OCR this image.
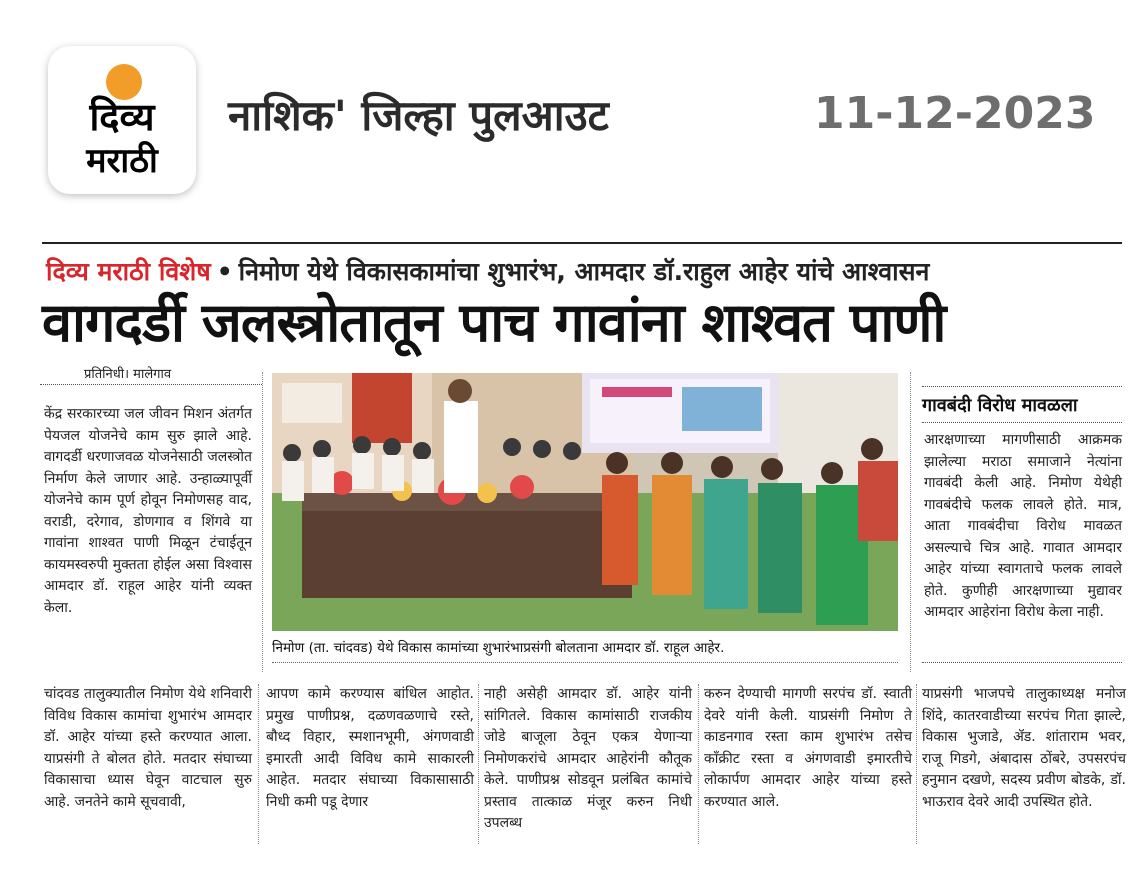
दिव्य
मराठी
नाशिक' जिल्हा पुलआउट	11-12-2023
दिव्य मराठी विशेष • निमोण येथे विकासकामांचा शुभारंभ, आमदार डॉ.राहुल आहेर यांचे आश्वासन
वागदर्डी जलस्त्रोतातून पाच गावांना शाश्वत पाणी
प्रतिनिधी। मालेगाव
केंद्र सरकारच्या जल जीवन मिशन अंतर्गत पेयजल योजनेचे काम सुरु झाले आहे. वागदर्डी धरणाजवळ योजनेसाठी जलस्त्रोत निर्माण केले जाणार आहे. उन्हाळ्यापूर्वी योजनेचे काम पूर्ण होवून निमोणसह वाद, वराडी, दरेगाव, डोणगाव व शिंगवे या गावांना शाश्वत पाणी मिळून टंचाईतून कायमस्वरुपी मुक्तता होईल असा विश्वास आमदार डॉ. राहूल आहेर यांनी व्यक्त केला.
चांदवड तालुक्यातील निमोण येथे शनिवारी विविध विकास कामांचा शुभारंभ आमदार डॉ. आहेर यांच्या हस्ते करण्यात आला. याप्रसंगी ते बोलत होते. मतदार संघाच्या विकासाचा ध्यास घेवून वाटचाल सुरु आहे. जनतेने कामे सूचवावी,
आपण कामे करण्यास बांधिल आहोत. प्रमुख पाणीप्रश्न, दळणवळणाचे रस्ते, बौध्द विहार, स्मशानभूमी, अंगणवाडी इमारती आदी विविध कामे साकारली आहेत. मतदार संघाच्या विकासासाठी निधी कमी पडू देणार
नाही असेही आमदार डॉ. आहेर यांनी सांगितले. विकास कामांसाठी राजकीय जोडे बाजूला ठेवून एकत्र येणाऱ्या निमोणकरांचे आमदार आहेरांनी कौतूक केले. पाणीप्रश्न सोडवून प्रलंबित कामांचे प्रस्ताव तात्काळ मंजूर करुन निधी उपलब्ध
करुन देण्याची मागणी सरपंच डॉ. स्वाती देवरे यांनी केली. याप्रसंगी निमोण ते काडनगाव रस्ता काम शुभारंभ तसेच काँक्रीट रस्ता व अंगणवाडी इमारतीचे लोकार्पण आमदार आहेर यांच्या हस्ते करण्यात आले.
याप्रसंगी भाजपचे तालुकाध्यक्ष मनोज शिंदे, कातरवाडीच्या सरपंच गिता झाल्टे, विकास भुजाडे, ॲड. शांताराम भवर, राजू गिडगे, अंबादास ठोंबरे, उपसरपंच हनुमान दखणे, सदस्य प्रवीण बोडके, डॉ. भाऊराव देवरे आदी उपस्थित होते.
गावबंदी विरोध मावळला
आरक्षणाच्या मागणीसाठी आक्रमक झालेल्या मराठा समाजाने नेत्यांना गावबंदी केली आहे. निमोण येथेही गावबंदीचे फलक लावले होते. मात्र, आता गावबंदीचा विरोध मावळत असल्याचे चित्र आहे. गावात आमदार आहेर यांच्या स्वागताचे फलक लावले होते. कुणीही आरक्षणाच्या मुद्यावर आमदार आहेरांना विरोध केला नाही.
निमोण (ता. चांदवड) येथे विकास कामांच्या शुभारंभाप्रसंगी बोलताना आमदार डॉ. राहूल आहेर.
